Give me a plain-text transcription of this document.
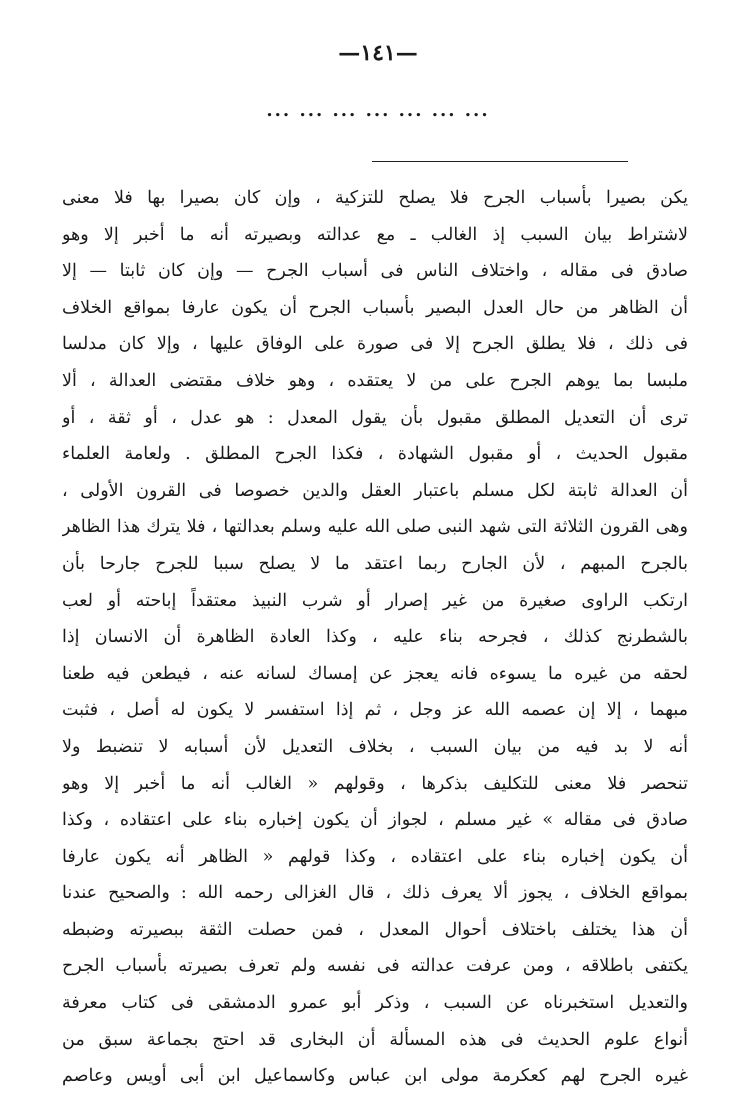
—١٤١—
... ... ... ... ... ... ...
يكن بصيرا بأسباب الجرح فلا يصلح للتزكية ، وإن كان بصيرا بها فلا معنى
لاشتراط بيان السبب إذ الغالب ـ مع عدالته وبصيرته أنه ما أخبر إلا وهو
صادق فى مقاله ، واختلاف الناس فى أسباب الجرح — وإن كان ثابتا — إلا
أن الظاهر من حال العدل البصير بأسباب الجرح أن يكون عارفا بمواقع الخلاف
فى ذلك ، فلا يطلق الجرح إلا فى صورة على الوفاق عليها ، وإلا كان مدلسا
ملبسا بما يوهم الجرح على من لا يعتقده ، وهو خلاف مقتضى العدالة ، ألا
ترى أن التعديل المطلق مقبول بأن يقول المعدل : هو عدل ، أو ثقة ، أو
مقبول الحديث ، أو مقبول الشهادة ، فكذا الجرح المطلق . ولعامة العلماء
أن العدالة ثابتة لكل مسلم باعتبار العقل والدين خصوصا فى القرون الأولى ،
وهى القرون الثلاثة التى شهد النبى صلى الله عليه وسلم بعدالتها ، فلا يترك هذا الظاهر
بالجرح المبهم ، لأن الجارح ربما اعتقد ما لا يصلح سببا للجرح جارحا بأن
ارتكب الراوى صغيرة من غير إصرار أو شرب النبيذ معتقداً إباحته أو لعب
بالشطرنج كذلك ، فجرحه بناء عليه ، وكذا العادة الظاهرة أن الانسان إذا
لحقه من غيره ما يسوءه فانه يعجز عن إمساك لسانه عنه ، فيطعن فيه طعنا
مبهما ، إلا إن عصمه الله عز وجل ، ثم إذا استفسر لا يكون له أصل ، فثبت
أنه لا بد فيه من بيان السبب ، بخلاف التعديل لأن أسبابه لا تنضبط ولا
تنحصر فلا معنى للتكليف بذكرها ، وقولهم « الغالب أنه ما أخبر إلا وهو
صادق فى مقاله » غير مسلم ، لجواز أن يكون إخباره بناء على اعتقاده ، وكذا
أن يكون إخباره بناء على اعتقاده ، وكذا قولهم « الظاهر أنه يكون عارفا
بمواقع الخلاف ، يجوز ألا يعرف ذلك ، قال الغزالى رحمه الله : والصحيح عندنا
أن هذا يختلف باختلاف أحوال المعدل ، فمن حصلت الثقة ببصيرته وضبطه
يكتفى باطلاقه ، ومن عرفت عدالته فى نفسه ولم تعرف بصيرته بأسباب الجرح
والتعديل استخبرناه عن السبب ، وذكر أبو عمرو الدمشقى فى كتاب معرفة
أنواع علوم الحديث فى هذه المسألة أن البخارى قد احتج بجماعة سبق من
غيره الجرح لهم كعكرمة مولى ابن عباس وكاسماعيل ابن أبى أويس وعاصم
